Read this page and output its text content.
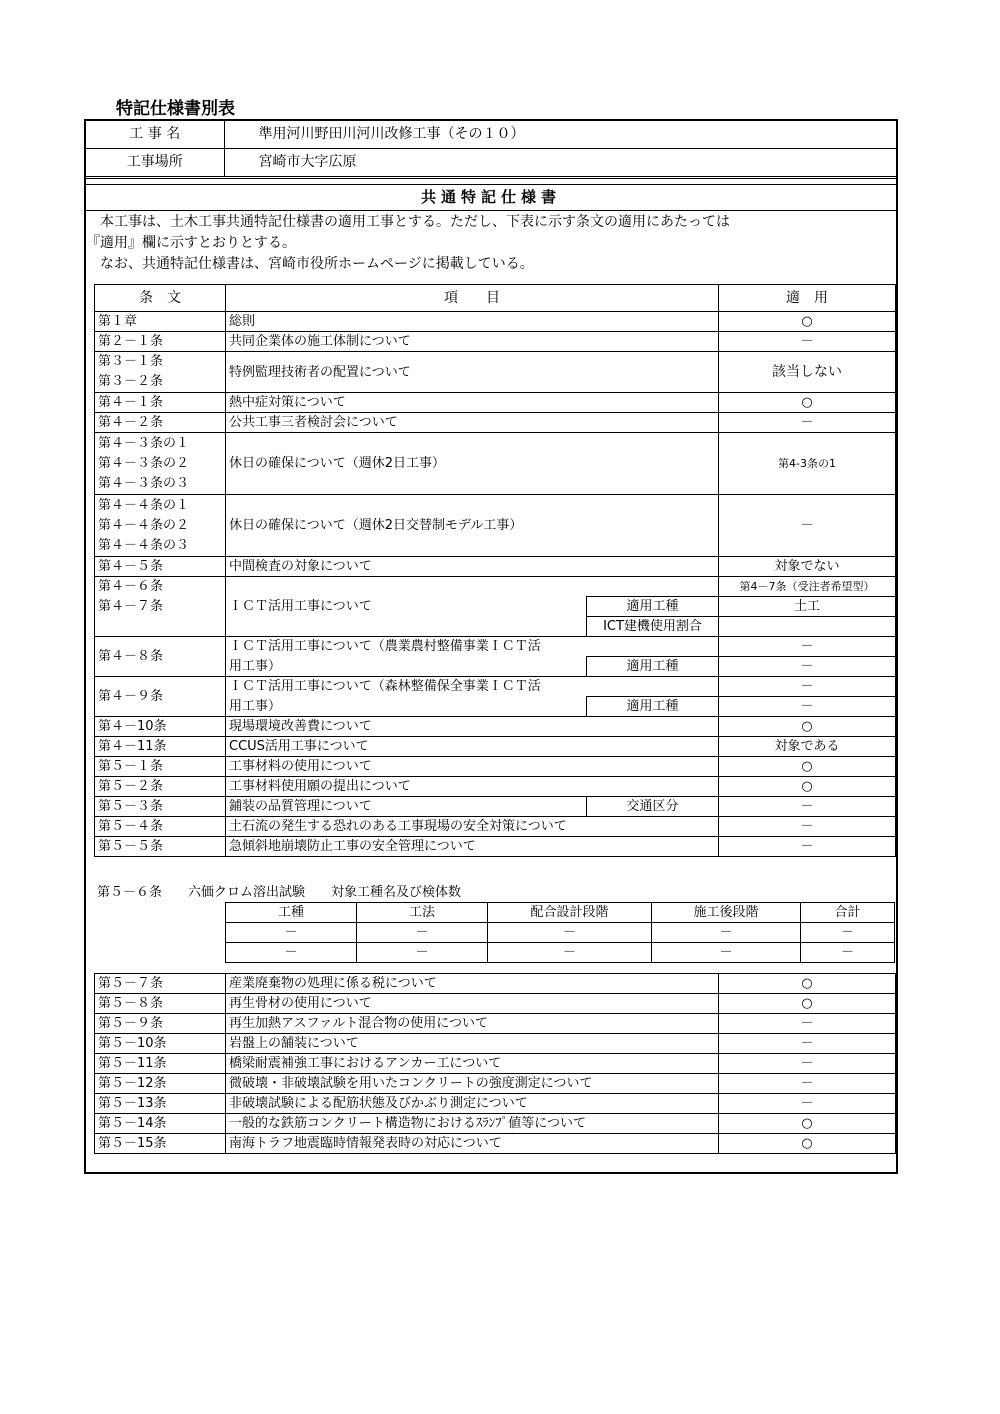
特記仕様書別表
工 事 名	準用河川野田川河川改修工事（その１０）
工事場所	宮崎市大字広原
共通特記仕様書
　本工事は、土木工事共通特記仕様書の適用工事とする。ただし、下表に示す条文の適用にあたっては
『適用』欄に示すとおりとする。
　なお、共通特記仕様書は、宮崎市役所ホームページに掲載している。
条　文	項　　目		適　用
第１章	総則		○
第２－１条	共同企業体の施工体制について		－

第３－１条
第３－２条	特例監理技術者の配置について		該当しない
第４－１条	熱中症対策について		○
第４－２条	公共工事三者検討会について		－

第４－３条の１
第４－３条の２
第４－３条の３	休日の確保について（週休2日工事）		第4-3条の1

第４－４条の１
第４－４条の２
第４－４条の３	休日の確保について（週休2日交替制モデル工事）		－
第４－５条	中間検査の対象について		対象でない

第４－６条
第４－７条	ＩＣＴ活用工事について		第4－7条（受注者希望型）
		適用工種	土工
		ICT建機使用割合	
第４－８条	ＩＣＴ活用工事について（農業農村整備事業ＩＣＴ活		－
	用工事）	適用工種	－
第４－９条	ＩＣＴ活用工事について（森林整備保全事業ＩＣＴ活		－
	用工事）	適用工種	－
第４－10条	現場環境改善費について		○
第４－11条	CCUS活用工事について		対象である
第５－１条	工事材料の使用について		○
第５－２条	工事材料使用願の提出について		○
第５－３条	鋪装の品質管理について	交通区分	－
第５－４条	土石流の発生する恐れのある工事現場の安全対策について		－
第５－５条	急傾斜地崩壊防止工事の安全管理について		－
第５－６条　　六価クロム溶出試験　　対象工種名及び検体数
工種	工法	配合設計段階	施工後段階	合計
－	－	－	－	－
－	－	－	－	－
第５－７条	産業廃棄物の処理に係る税について	○
第５－８条	再生骨材の使用について	○
第５－９条	再生加熱アスファルト混合物の使用について	－
第５－10条	岩盤上の舗装について	－
第５－11条	橋梁耐震補強工事におけるアンカー工について	－
第５－12条	微破壊・非破壊試験を用いたコンクリートの強度測定について	－
第５－13条	非破壊試験による配筋状態及びかぶり測定について	－
第５－14条	一般的な鉄筋コンクリート構造物におけるｽﾗﾝﾌﾟ値等について	○
第５－15条	南海トラフ地震臨時情報発表時の対応について	○
